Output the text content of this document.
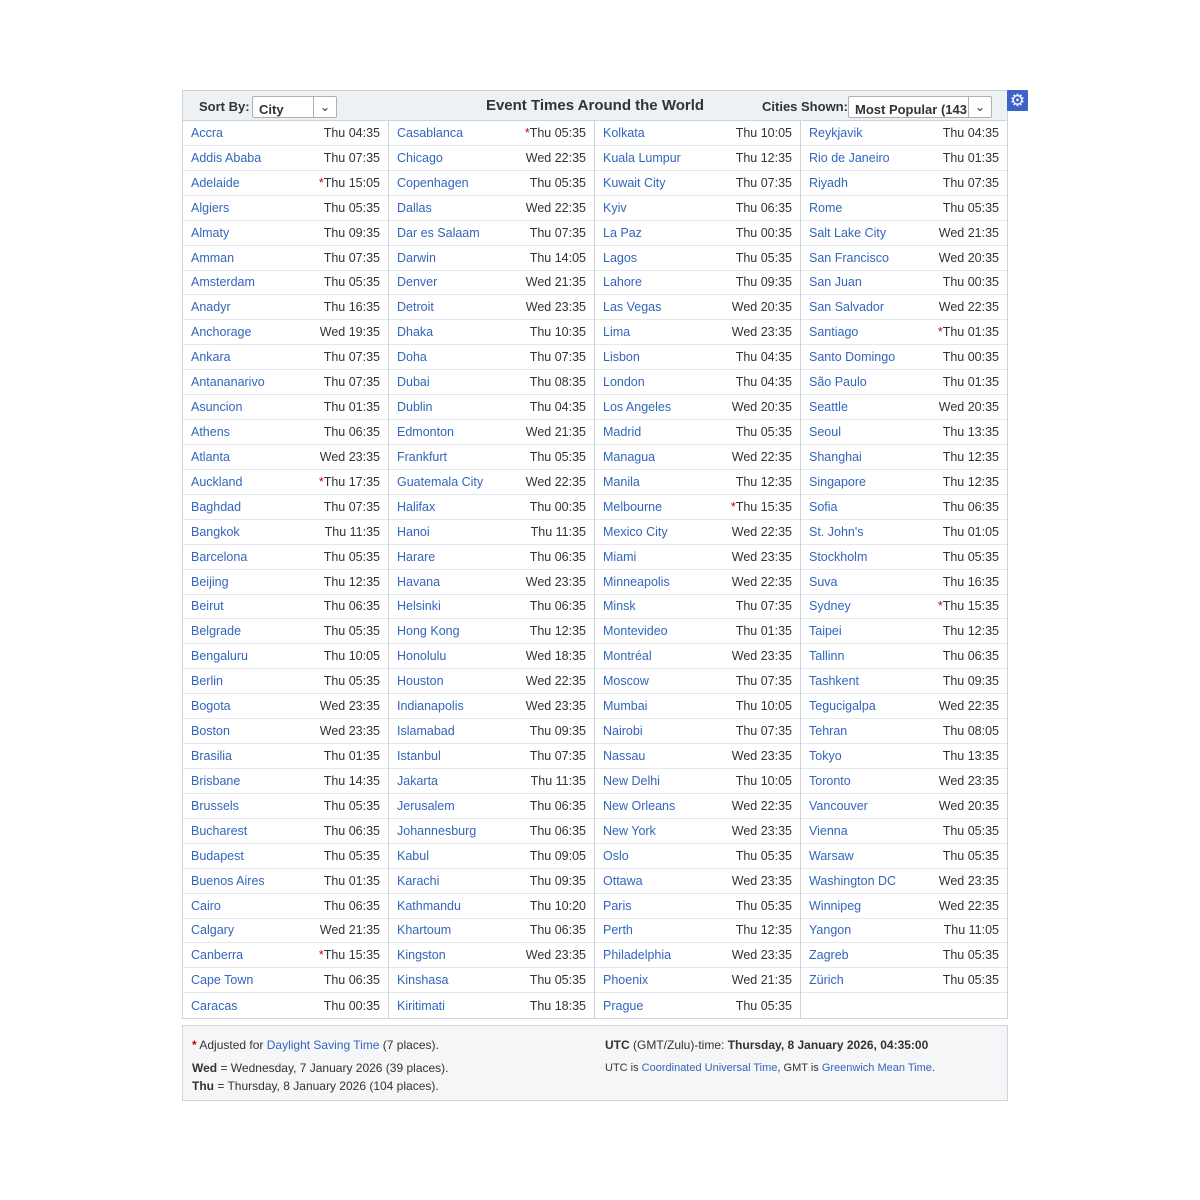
Sort By: City	⌄	Event Times Around the World	Cities Shown: Most Popular (143 ⌄
Accra	Thu 04:35
Addis Ababa	Thu 07:35
Adelaide	* Thu 15:05
Algiers	Thu 05:35
Almaty	Thu 09:35
Amman	Thu 07:35
Amsterdam	Thu 05:35
Anadyr	Thu 16:35
Anchorage	Wed 19:35
Ankara	Thu 07:35
Antananarivo	Thu 07:35
Asuncion	Thu 01:35
Athens	Thu 06:35
Atlanta	Wed 23:35
Auckland	* Thu 17:35
Baghdad	Thu 07:35
Bangkok	Thu 11:35
Barcelona	Thu 05:35
Beijing	Thu 12:35
Beirut	Thu 06:35
Belgrade	Thu 05:35
Bengaluru	Thu 10:05
Berlin	Thu 05:35
Bogota	Wed 23:35
Boston	Wed 23:35
Brasilia	Thu 01:35
Brisbane	Thu 14:35
Brussels	Thu 05:35
Bucharest	Thu 06:35
Budapest	Thu 05:35
Buenos Aires	Thu 01:35
Cairo	Thu 06:35
Calgary	Wed 21:35
Canberra	* Thu 15:35
Cape Town	Thu 06:35
Caracas	Thu 00:35
Casablanca	* Thu 05:35
Chicago	Wed 22:35
Copenhagen	Thu 05:35
Dallas	Wed 22:35
Dar es Salaam	Thu 07:35
Darwin	Thu 14:05
Denver	Wed 21:35
Detroit	Wed 23:35
Dhaka	Thu 10:35
Doha	Thu 07:35
Dubai	Thu 08:35
Dublin	Thu 04:35
Edmonton	Wed 21:35
Frankfurt	Thu 05:35
Guatemala City	Wed 22:35
Halifax	Thu 00:35
Hanoi	Thu 11:35
Harare	Thu 06:35
Havana	Wed 23:35
Helsinki	Thu 06:35
Hong Kong	Thu 12:35
Honolulu	Wed 18:35
Houston	Wed 22:35
Indianapolis	Wed 23:35
Islamabad	Thu 09:35
Istanbul	Thu 07:35
Jakarta	Thu 11:35
Jerusalem	Thu 06:35
Johannesburg	Thu 06:35
Kabul	Thu 09:05
Karachi	Thu 09:35
Kathmandu	Thu 10:20
Khartoum	Thu 06:35
Kingston	Wed 23:35
Kinshasa	Thu 05:35
Kiritimati	Thu 18:35
Kolkata	Thu 10:05
Kuala Lumpur	Thu 12:35
Kuwait City	Thu 07:35
Kyiv	Thu 06:35
La Paz	Thu 00:35
Lagos	Thu 05:35
Lahore	Thu 09:35
Las Vegas	Wed 20:35
Lima	Wed 23:35
Lisbon	Thu 04:35
London	Thu 04:35
Los Angeles	Wed 20:35
Madrid	Thu 05:35
Managua	Wed 22:35
Manila	Thu 12:35
Melbourne	* Thu 15:35
Mexico City	Wed 22:35
Miami	Wed 23:35
Minneapolis	Wed 22:35
Minsk	Thu 07:35
Montevideo	Thu 01:35
Montréal	Wed 23:35
Moscow	Thu 07:35
Mumbai	Thu 10:05
Nairobi	Thu 07:35
Nassau	Wed 23:35
New Delhi	Thu 10:05
New Orleans	Wed 22:35
New York	Wed 23:35
Oslo	Thu 05:35
Ottawa	Wed 23:35
Paris	Thu 05:35
Perth	Thu 12:35
Philadelphia	Wed 23:35
Phoenix	Wed 21:35
Prague	Thu 05:35
Reykjavik	Thu 04:35
Rio de Janeiro	Thu 01:35
Riyadh	Thu 07:35
Rome	Thu 05:35
Salt Lake City	Wed 21:35
San Francisco	Wed 20:35
San Juan	Thu 00:35
San Salvador	Wed 22:35
Santiago	* Thu 01:35
Santo Domingo	Thu 00:35
São Paulo	Thu 01:35
Seattle	Wed 20:35
Seoul	Thu 13:35
Shanghai	Thu 12:35
Singapore	Thu 12:35
Sofia	Thu 06:35
St. John's	Thu 01:05
Stockholm	Thu 05:35
Suva	Thu 16:35
Sydney	* Thu 15:35
Taipei	Thu 12:35
Tallinn	Thu 06:35
Tashkent	Thu 09:35
Tegucigalpa	Wed 22:35
Tehran	Thu 08:05
Tokyo	Thu 13:35
Toronto	Wed 23:35
Vancouver	Wed 20:35
Vienna	Thu 05:35
Warsaw	Thu 05:35
Washington DC	Wed 23:35
Winnipeg	Wed 22:35
Yangon	Thu 11:05
Zagreb	Thu 05:35
Zürich	Thu 05:35
* Adjusted for Daylight Saving Time (7 places).
Wed = Wednesday, 7 January 2026 (39 places).
Thu = Thursday, 8 January 2026 (104 places).
UTC (GMT/Zulu)-time: Thursday, 8 January 2026, 04:35:00
UTC is Coordinated Universal Time, GMT is Greenwich Mean Time.
⚙
